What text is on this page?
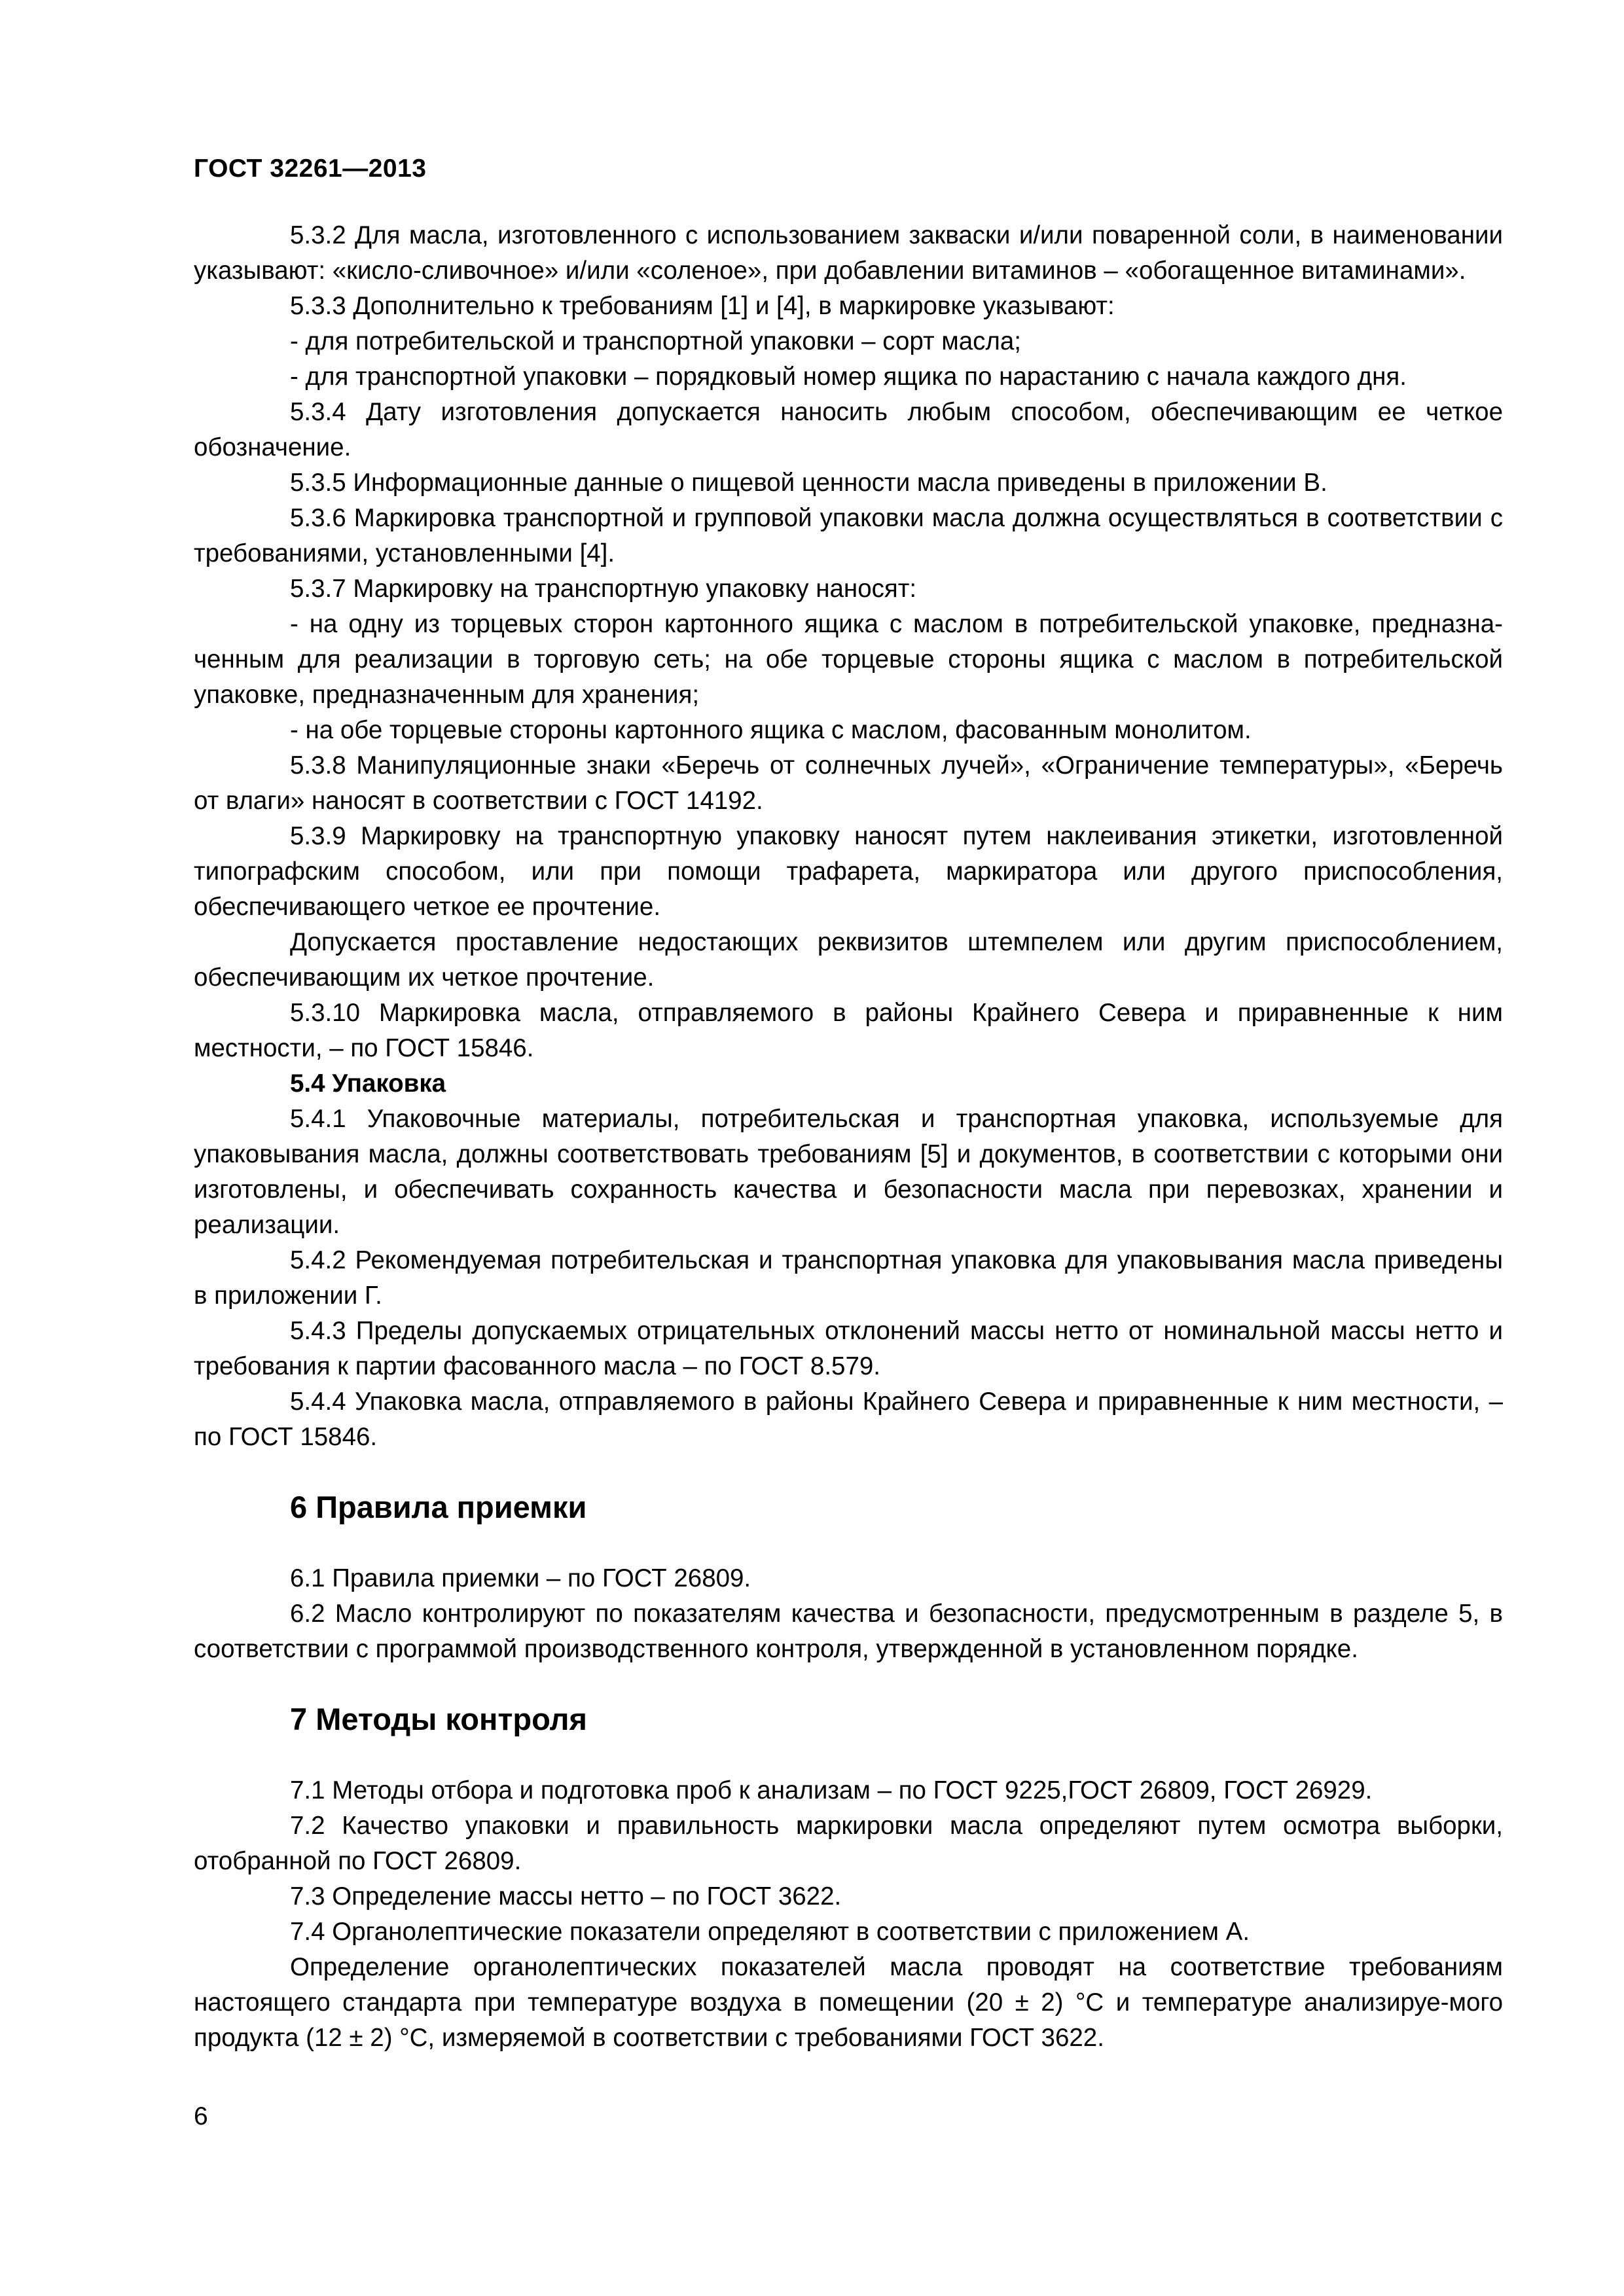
ГОСТ 32261—2013

5.3.2 Для масла, изготовленного с использованием закваски и/или поваренной соли, в наименовании указывают: «кисло-сливочное» и/или «соленое», при добавлении витаминов – «обогащенное витаминами».

5.3.3 Дополнительно к требованиям [1] и [4], в маркировке указывают:

- для потребительской и транспортной упаковки – сорт масла;

- для транспортной упаковки – порядковый номер ящика по нарастанию с начала каждого дня.

5.3.4 Дату изготовления допускается наносить любым способом, обеспечивающим ее четкое обозначение.

5.3.5 Информационные данные о пищевой ценности масла приведены в приложении В.

5.3.6 Маркировка транспортной и групповой упаковки масла должна осуществляться в соответствии с требованиями, установленными [4].

5.3.7 Маркировку на транспортную упаковку наносят:

- на одну из торцевых сторон картонного ящика с маслом в потребительской упаковке, предназна-ченным для реализации в торговую сеть; на обе торцевые стороны ящика с маслом в потребительской упаковке, предназначенным для хранения;

- на обе торцевые стороны картонного ящика с маслом, фасованным монолитом.

5.3.8 Манипуляционные знаки «Беречь от солнечных лучей», «Ограничение температуры», «Беречь от влаги» наносят в соответствии с ГОСТ 14192.

5.3.9 Маркировку на транспортную упаковку наносят путем наклеивания этикетки, изготовленной типографским способом, или при помощи трафарета, маркиратора или другого приспособления, обеспечивающего четкое ее прочтение.

Допускается проставление недостающих реквизитов штемпелем или другим приспособлением, обеспечивающим их четкое прочтение.

5.3.10 Маркировка масла, отправляемого в районы Крайнего Севера и приравненные к ним местности, – по ГОСТ 15846.

5.4 Упаковка

5.4.1 Упаковочные материалы, потребительская и транспортная упаковка, используемые для упаковывания масла, должны соответствовать требованиям [5] и документов, в соответствии с которыми они изготовлены, и обеспечивать сохранность качества и безопасности масла при перевозках, хранении и реализации.

5.4.2 Рекомендуемая потребительская и транспортная упаковка для упаковывания масла приведены в приложении Г.

5.4.3 Пределы допускаемых отрицательных отклонений массы нетто от номинальной массы нетто и требования к партии фасованного масла – по ГОСТ 8.579.

5.4.4 Упаковка масла, отправляемого в районы Крайнего Севера и приравненные к ним местности, – по ГОСТ 15846.

6 Правила приемки

6.1 Правила приемки – по ГОСТ 26809.

6.2 Масло контролируют по показателям качества и безопасности, предусмотренным в разделе 5, в соответствии с программой производственного контроля, утвержденной в установленном порядке.

7 Методы контроля

7.1 Методы отбора и подготовка проб к анализам – по ГОСТ 9225,ГОСТ 26809, ГОСТ 26929.

7.2 Качество упаковки и правильность маркировки масла определяют путем осмотра выборки, отобранной по ГОСТ 26809.

7.3 Определение массы нетто – по ГОСТ 3622.

7.4 Органолептические показатели определяют в соответствии с приложением А.

Определение органолептических показателей масла проводят на соответствие требованиям настоящего стандарта при температуре воздуха в помещении (20 ± 2) °С и температуре анализируе-мого продукта (12 ± 2) °С, измеряемой в соответствии с требованиями ГОСТ 3622.

6
